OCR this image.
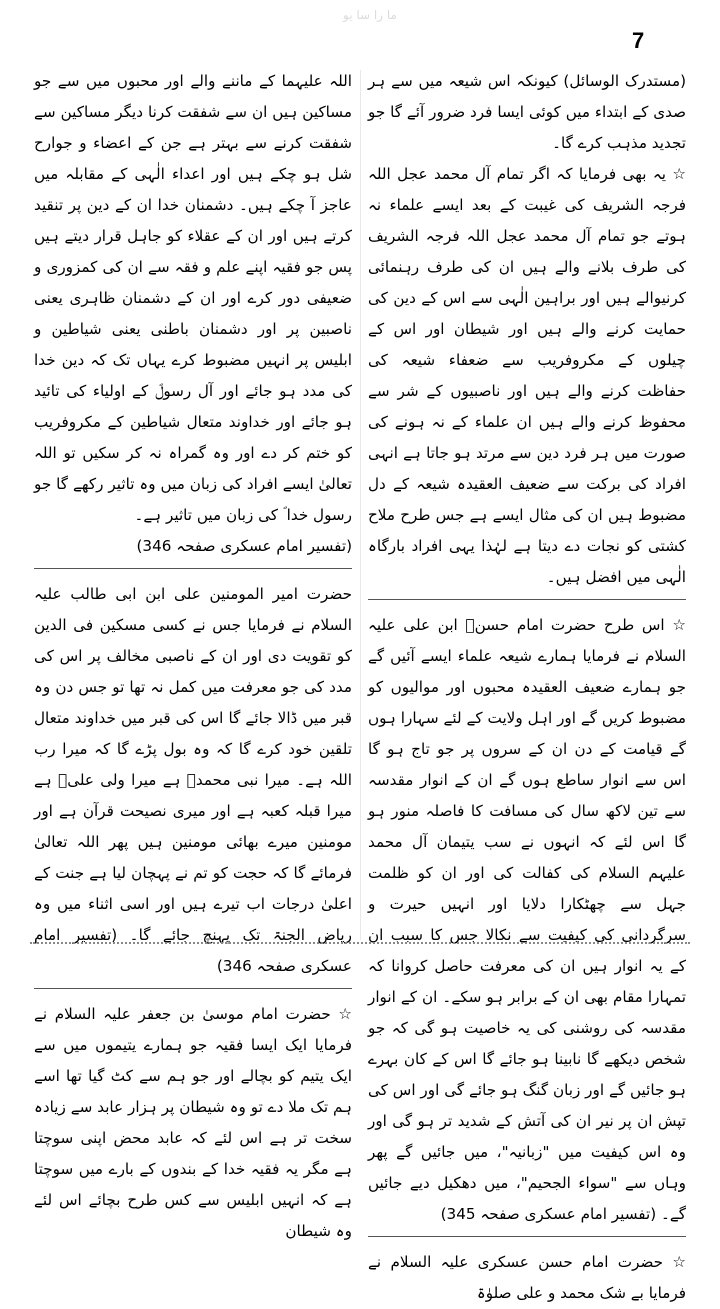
ما را سا یو
7

(مستدرک الوسائل) کیونکہ اس شیعہ میں سے ہر صدی کے ابتداء میں کوئی ایسا فرد ضرور آئے گا جو تجدید مذہب کرے گا۔

☆ یہ بھی فرمایا کہ اگر تمام آل محمد عجل اللہ فرجہ الشریف کی غیبت کے بعد ایسے علماء نہ ہوتے جو تمام آل محمد عجل اللہ فرجہ الشریف کی طرف بلانے والے ہیں ان کی طرف رہنمائی کرنیوالے ہیں اور براہین الٰہی سے اس کے دین کی حمایت کرنے والے ہیں اور شیطان اور اس کے چیلوں کے مکروفریب سے ضعفاء شیعہ کی حفاظت کرنے والے ہیں اور ناصبیوں کے شر سے محفوظ کرنے والے ہیں ان علماء کے نہ ہونے کی صورت میں ہر فرد دین سے مرتد ہو جاتا ہے انہی افراد کی برکت سے ضعیف العقیدہ شیعہ کے دل مضبوط ہیں ان کی مثال ایسے ہے جس طرح ملاح کشتی کو نجات دے دیتا ہے لہٰذا یہی افراد بارگاہ الٰہی میں افضل ہیں۔

☆ اس طرح حضرت امام حسنؑ ابن علی علیہ السلام نے فرمایا ہمارے شیعہ علماء ایسے آئیں گے جو ہمارے ضعیف العقیدہ محبوں اور موالیوں کو مضبوط کریں گے اور اہل ولایت کے لئے سہارا ہوں گے قیامت کے دن ان کے سروں پر جو تاج ہو گا اس سے انوار ساطع ہوں گے ان کے انوار مقدسہ سے تین لاکھ سال کی مسافت کا فاصلہ منور ہو گا اس لئے کہ انہوں نے سب یتیمان آل محمد علیہم السلام کی کفالت کی اور ان کو ظلمت جہل سے چھٹکارا دلایا اور انہیں حیرت و سرگردانی کی کیفیت سے نکالا جس کا سبب ان کے یہ انوار ہیں ان کی معرفت حاصل کروانا کہ تمہارا مقام بھی ان کے برابر ہو سکے۔ ان کے انوار مقدسہ کی روشنی کی یہ خاصیت ہو گی کہ جو شخص دیکھے گا نابینا ہو جائے گا اس کے کان بہرے ہو جائیں گے اور زبان گنگ ہو جائے گی اور اس کی تپش ان پر نیر ان کی آتش کے شدید تر ہو گی اور وہ اس کیفیت میں "زبانیہ"، میں جائیں گے پھر وہاں سے "سواء الجحیم"، میں دھکیل دیے جائیں گے۔ (تفسیر امام عسکری صفحہ 345)

☆ حضرت امام حسن عسکری علیہ السلام نے فرمایا بے شک محمد و علی صلوٰۃ

اللہ علیہما کے ماننے والے اور محبوں میں سے جو مساکین ہیں ان سے شفقت کرنا دیگر مساکین سے شفقت کرنے سے بہتر ہے جن کے اعضاء و جوارح شل ہو چکے ہیں اور اعداء الٰہی کے مقابلہ میں عاجز آ چکے ہیں۔ دشمنان خدا ان کے دین پر تنقید کرتے ہیں اور ان کے عقلاء کو جاہل قرار دیتے ہیں پس جو فقیہ اپنے علم و فقہ سے ان کی کمزوری و ضعیفی دور کرے اور ان کے دشمنان ظاہری یعنی ناصبین پر اور دشمنان باطنی یعنی شیاطین و ابلیس پر انہیں مضبوط کرے یہاں تک کہ دین خدا کی مدد ہو جائے اور آل رسولؐ کے اولیاء کی تائید ہو جائے اور خداوند متعال شیاطین کے مکروفریب کو ختم کر دے اور وہ گمراہ نہ کر سکیں تو اللہ تعالیٰ ایسے افراد کی زبان میں وہ تاثیر رکھے گا جو رسول خدا ؐ کی زبان میں تاثیر ہے۔

(تفسیر امام عسکری صفحہ 346)

حضرت امیر المومنین علی ابن ابی طالب علیہ السلام نے فرمایا جس نے کسی مسکین فی الدین کو تقویت دی اور ان کے ناصبی مخالف پر اس کی مدد کی جو معرفت میں کمل نہ تھا تو جس دن وہ قبر میں ڈالا جائے گا اس کی قبر میں خداوند متعال تلقین خود کرے گا کہ وہ بول پڑے گا کہ میرا رب اللہ ہے۔ میرا نبی محمدؐ ہے میرا ولی علیؑ ہے میرا قبلہ کعبہ ہے اور میری نصیحت قرآن ہے اور مومنین میرے بھائی مومنین ہیں پھر اللہ تعالیٰ فرمائے گا کہ حجت کو تم نے پہچان لیا ہے جنت کے اعلیٰ درجات اب تیرے ہیں اور اسی اثناء میں وہ ریاض الجنۃ تک پہنچ جائے گا۔ (تفسیر امام عسکری صفحہ 346)

☆ حضرت امام موسیٰ بن جعفر علیہ السلام نے فرمایا ایک ایسا فقیہ جو ہمارے یتیموں میں سے ایک یتیم کو بچالے اور جو ہم سے کٹ گیا تھا اسے ہم تک ملا دے تو وہ شیطان پر ہزار عابد سے زیادہ سخت تر ہے اس لئے کہ عابد محض اپنی سوچتا ہے مگر یہ فقیہ خدا کے بندوں کے بارے میں سوچتا ہے کہ انہیں ابلیس سے کس طرح بچائے اس لئے وہ شیطان
